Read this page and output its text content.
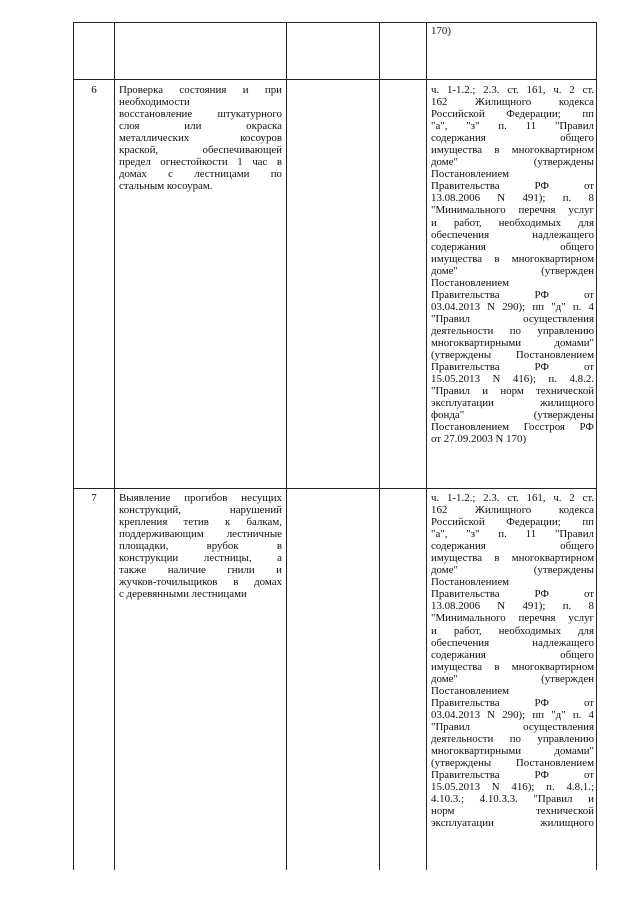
170)
6	Проверка состояния и при
необходимости
восстановление штукатурного
слоя или окраска
металлических косоуров
краской, обеспечивающей
предел огнестойкости 1 час в
домах с лестницами по
стальным косоурам.
ч. 1-1.2.; 2.3. ст. 161, ч. 2 ст.
162 Жилищного кодекса
Российской Федерации; пп
"а", "з" п. 11 "Правил
содержания общего
имущества в многоквартирном
доме" (утверждены
Постановлением
Правительства РФ от
13.08.2006 N 491); п. 8
"Минимального перечня услуг
и работ, необходимых для
обеспечения надлежащего
содержания общего
имущества в многоквартирном
доме" (утвержден
Постановлением
Правительства РФ от
03.04.2013 N 290); пп "д" п. 4
"Правил осуществления
деятельности по управлению
многоквартирными домами"
(утверждены Постановлением
Правительства РФ от
15.05.2013 N 416); п. 4.8.2.
"Правил и норм технической
эксплуатации жилищного
фонда" (утверждены
Постановлением Госстроя РФ
от 27.09.2003 N 170)
7	Выявление прогибов несущих
конструкций, нарушений
крепления тетив к балкам,
поддерживающим лестничные
площадки, врубок в
конструкции лестницы, а
также наличие гнили и
жучков-точильщиков в домах
с деревянными лестницами
ч. 1-1.2.; 2.3. ст. 161, ч. 2 ст.
162 Жилищного кодекса
Российской Федерации; пп
"а", "з" п. 11 "Правил
содержания общего
имущества в многоквартирном
доме" (утверждены
Постановлением
Правительства РФ от
13.08.2006 N 491); п. 8
"Минимального перечня услуг
и работ, необходимых для
обеспечения надлежащего
содержания общего
имущества в многоквартирном
доме" (утвержден
Постановлением
Правительства РФ от
03.04.2013 N 290); пп "д" п. 4
"Правил осуществления
деятельности по управлению
многоквартирными домами"
(утверждены Постановлением
Правительства РФ от
15.05.2013 N 416); п. 4.8.1.;
4.10.3.; 4.10.3.3. "Правил и
норм технической
эксплуатации жилищного
